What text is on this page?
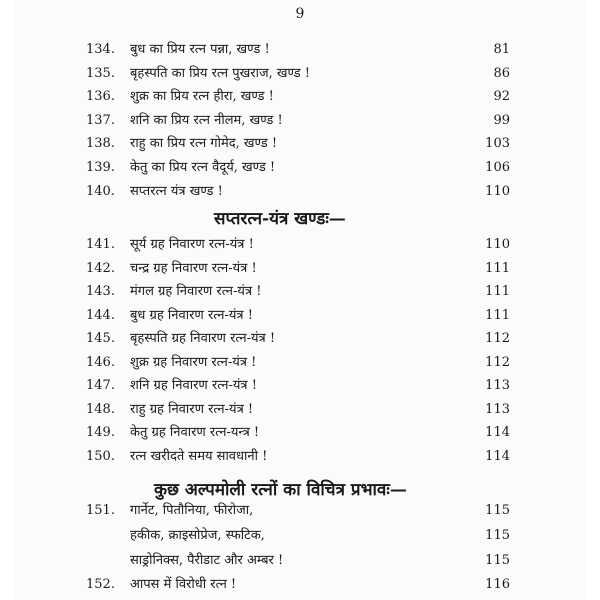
9
134.	बुध का प्रिय रत्न पन्ना, खण्ड !	81
135.	बृहस्पति का प्रिय रत्न पुखराज, खण्ड !	86
136.	शुक्र का प्रिय रत्न हीरा, खण्ड !	92
137.	शनि का प्रिय रत्न नीलम, खण्ड !	99
138.	राहु का प्रिय रत्न गोमेद, खण्ड !	103
139.	केतु का प्रिय रत्न वैदूर्य, खण्ड !	106
140.	सप्तरत्न यंत्र खण्ड !	110
सप्तरत्न-यंत्र खण्डः—
141.	सूर्य ग्रह निवारण रत्न-यंत्र !	110
142.	चन्द्र ग्रह निवारण रत्न-यंत्र !	111
143.	मंगल ग्रह निवारण रत्न-यंत्र !	111
144.	बुध ग्रह निवारण रत्न-यंत्र !	111
145.	बृहस्पति ग्रह निवारण रत्न-यंत्र !	112
146.	शुक्र ग्रह निवारण रत्न-यंत्र !	112
147.	शनि ग्रह निवारण रत्न-यंत्र !	113
148.	राहु ग्रह निवारण रत्न-यंत्र !	113
149.	केतु ग्रह निवारण रत्न-यन्त्र !	114
150.	रत्न खरीदते समय सावधानी !	114
कुछ अल्पमोली रत्नों का विचित्र प्रभावः—
151.	गार्नेट, पितौनिया, फीरोजा,	115
हकीक, क्राइसोप्रेज, स्फटिक,	115
साड्रोनिक्स, पैरीडाट और अम्बर !	115
152.	आपस में विरोधी रत्न !	116
